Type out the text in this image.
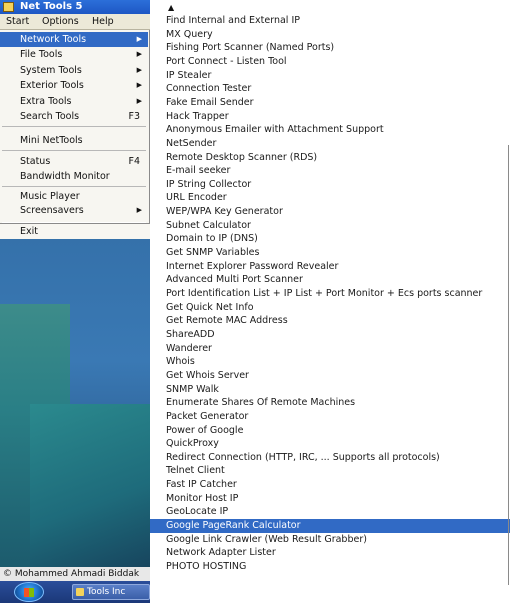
Net Tools 5
Start Options Help
Network Tools	▶
File Tools	▶
System Tools	▶
Exterior Tools	▶
Extra Tools	▶
Search Tools	F3
Mini NetTools
Status	F4
Bandwidth Monitor
Music Player
Screensavers	▶
Exit
© Mohammed Ahmadi Biddak
Tools Inc
▲
Find Internal and External IP
MX Query
Fishing Port Scanner (Named Ports)
Port Connect - Listen Tool
IP Stealer
Connection Tester
Fake Email Sender
Hack Trapper
Anonymous Emailer with Attachment Support
NetSender
Remote Desktop Scanner (RDS)
E-mail seeker
IP String Collector
URL Encoder
WEP/WPA Key Generator
Subnet Calculator
Domain to IP (DNS)
Get SNMP Variables
Internet Explorer Password Revealer
Advanced Multi Port Scanner
Port Identification List + IP List + Port Monitor + Ecs ports scanner
Get Quick Net Info
Get Remote MAC Address
ShareADD
Wanderer
Whois
Get Whois Server
SNMP Walk
Enumerate Shares Of Remote Machines
Packet Generator
Power of Google
QuickProxy
Redirect Connection (HTTP, IRC, ... Supports all protocols)
Telnet Client
Fast IP Catcher
Monitor Host IP
GeoLocate IP
Google PageRank Calculator
Google Link Crawler (Web Result Grabber)
Network Adapter Lister
PHOTO HOSTING
